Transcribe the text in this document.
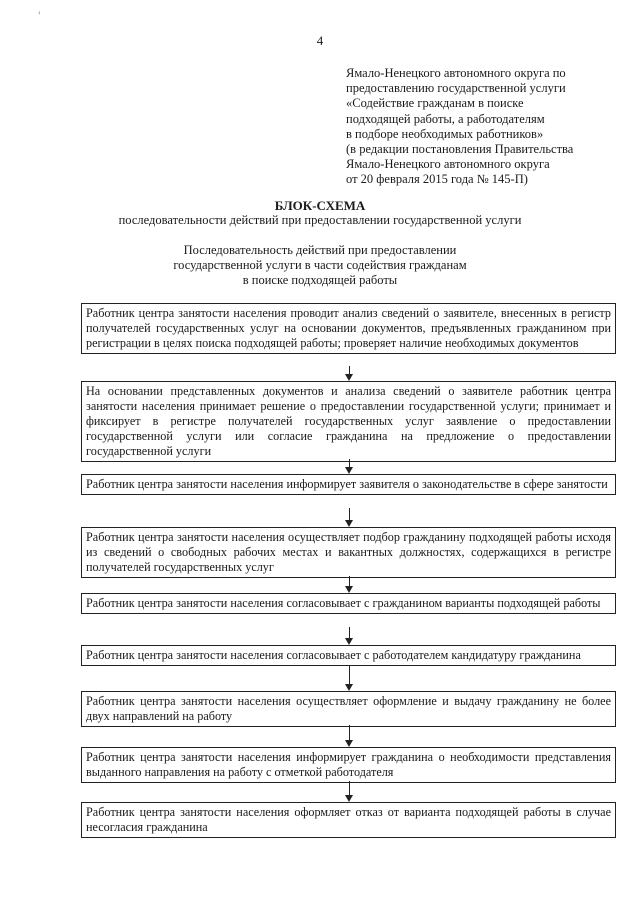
‹
4
Ямало-Ненецкого автономного округа по
предоставлению государственной услуги
«Содействие гражданам в поиске
подходящей работы, а работодателям
в подборе необходимых работников»
(в редакции постановления Правительства
Ямало-Ненецкого автономного округа
от 20 февраля 2015 года № 145-П)
БЛОК-СХЕМА
последовательности действий при предоставлении государственной услуги
Последовательность действий при предоставлении
государственной услуги в части содействия гражданам
в поиске подходящей работы
Работник центра занятости населения проводит анализ сведений о заявителе, внесенных в регистр получателей государственных услуг на основании документов, предъявленных гражданином при регистрации в целях поиска подходящей работы; проверяет наличие необходимых документов
На основании представленных документов и анализа сведений о заявителе работник центра занятости населения принимает решение о предоставлении государственной услуги; принимает и фиксирует в регистре получателей государственных услуг заявление о предоставлении государственной услуги или согласие гражданина на предложение о предоставлении государственной услуги
Работник центра занятости населения информирует заявителя о законодательстве в сфере занятости
Работник центра занятости населения осуществляет подбор гражданину подходящей работы исходя из сведений о свободных рабочих местах и вакантных должностях, содержащихся в регистре получателей государственных услуг
Работник центра занятости населения согласовывает с гражданином варианты подходящей работы
Работник центра занятости населения согласовывает с работодателем кандидатуру гражданина
Работник центра занятости населения осуществляет оформление и выдачу гражданину не более двух направлений на работу
Работник центра занятости населения информирует гражданина о необходимости представления выданного направления на работу с отметкой работодателя
Работник центра занятости населения оформляет отказ от варианта подходящей работы в случае несогласия гражданина
